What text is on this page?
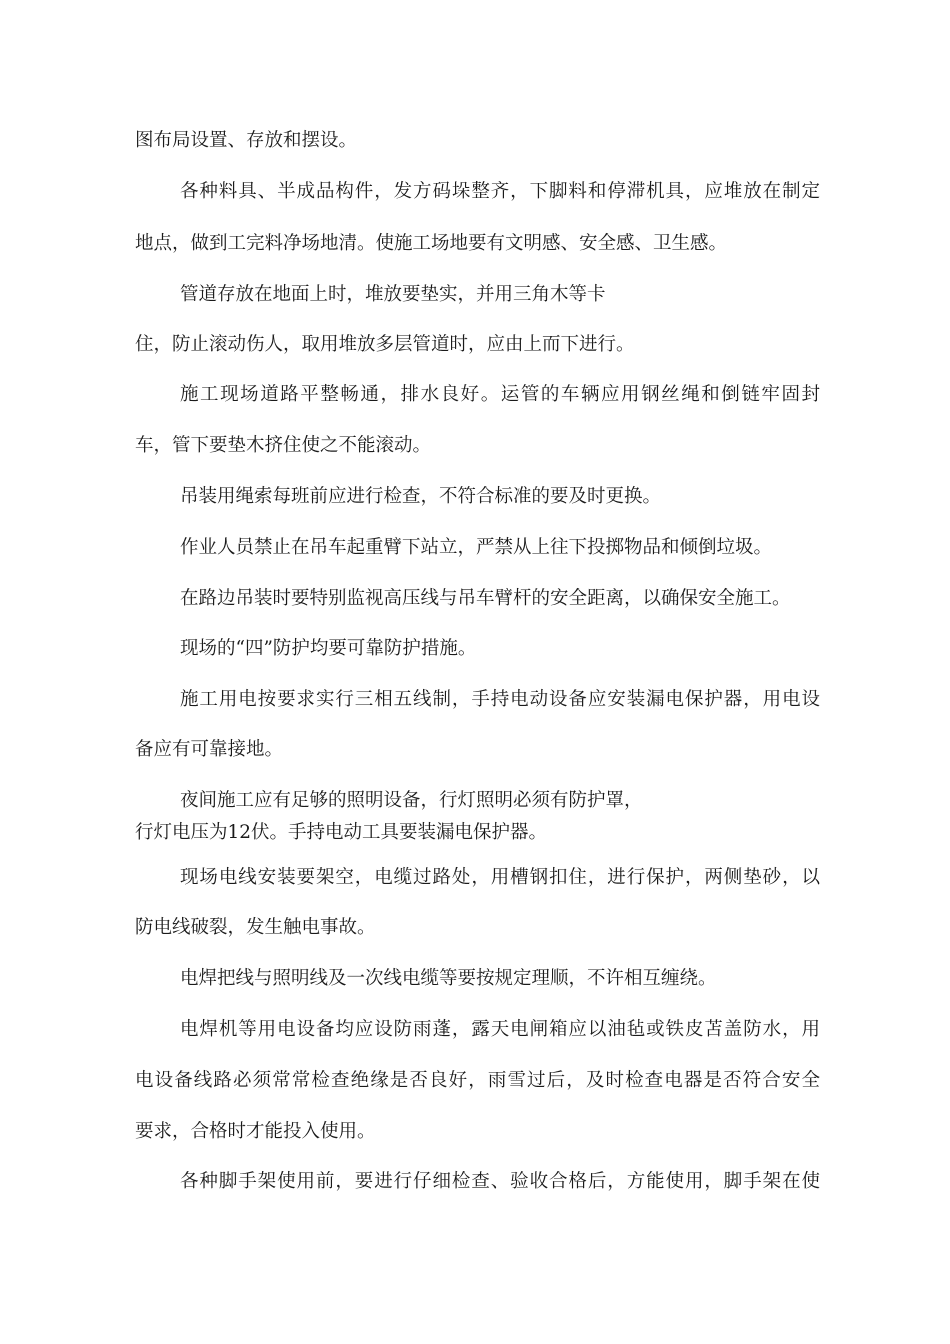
图布局设置、存放和摆设。
各种料具、半成品构件，发方码垛整齐，下脚料和停滞机具，应堆放在制定
地点，做到工完料净场地清。使施工场地要有文明感、安全感、卫生感。
管道存放在地面上时，堆放要垫实，并用三角木等卡
住，防止滚动伤人，取用堆放多层管道时，应由上而下进行。
施工现场道路平整畅通，排水良好。运管的车辆应用钢丝绳和倒链牢固封
车，管下要垫木挤住使之不能滚动。
吊装用绳索每班前应进行检查，不符合标准的要及时更换。
作业人员禁止在吊车起重臂下站立，严禁从上往下投掷物品和倾倒垃圾。
在路边吊装时要特别监视高压线与吊车臂杆的安全距离，以确保安全施工。
现场的“四”防护均要可靠防护措施。
施工用电按要求实行三相五线制，手持电动设备应安装漏电保护器，用电设
备应有可靠接地。
夜间施工应有足够的照明设备，行灯照明必须有防护罩，
行灯电压为12伏。手持电动工具要装漏电保护器。
现场电线安装要架空，电缆过路处，用槽钢扣住，进行保护，两侧垫砂，以
防电线破裂，发生触电事故。
电焊把线与照明线及一次线电缆等要按规定理顺，不许相互缠绕。
电焊机等用电设备均应设防雨蓬，露天电闸箱应以油毡或铁皮苫盖防水，用
电设备线路必须常常检查绝缘是否良好，雨雪过后，及时检查电器是否符合安全
要求，合格时才能投入使用。
各种脚手架使用前，要进行仔细检查、验收合格后，方能使用，脚手架在使
